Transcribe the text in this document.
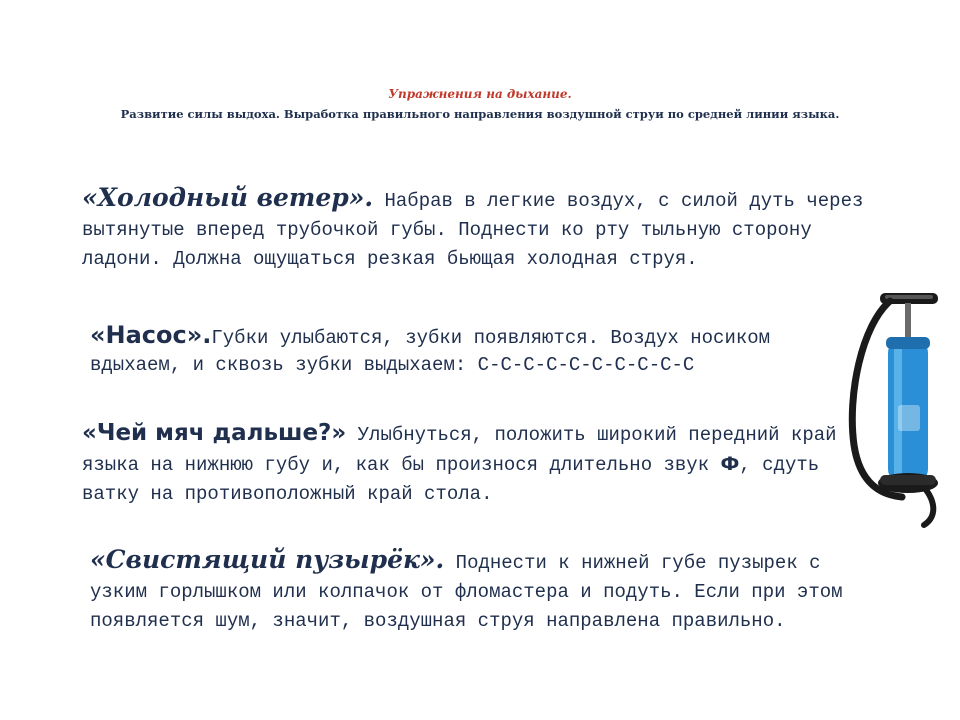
Упражнения на дыхание.
Развитие силы выдоха. Выработка правильного направления воздушной струи по средней линии языка.

«Холодный ветер». Набрав в легкие воздух, с силой дуть через вытянутые вперед трубочкой губы. Поднести ко рту тыльную сторону ладони. Должна ощущаться резкая бьющая холодная струя.

«Насос».Губки улыбаются, зубки появляются. Воздух носиком вдыхаем, и сквозь зубки выдыхаем: С-С-С-С-С-С-С-С-С-С

«Чей мяч дальше?» Улыбнуться, положить широкий передний край языка на нижнюю губу и, как бы произнося длительно звук Ф, сдуть ватку на противоположный край стола.

«Свистящий пузырёк». Поднести к нижней губе пузырек с узким горлышком или колпачок от фломастера и подуть. Если при этом появляется шум, значит, воздушная струя направлена правильно.
